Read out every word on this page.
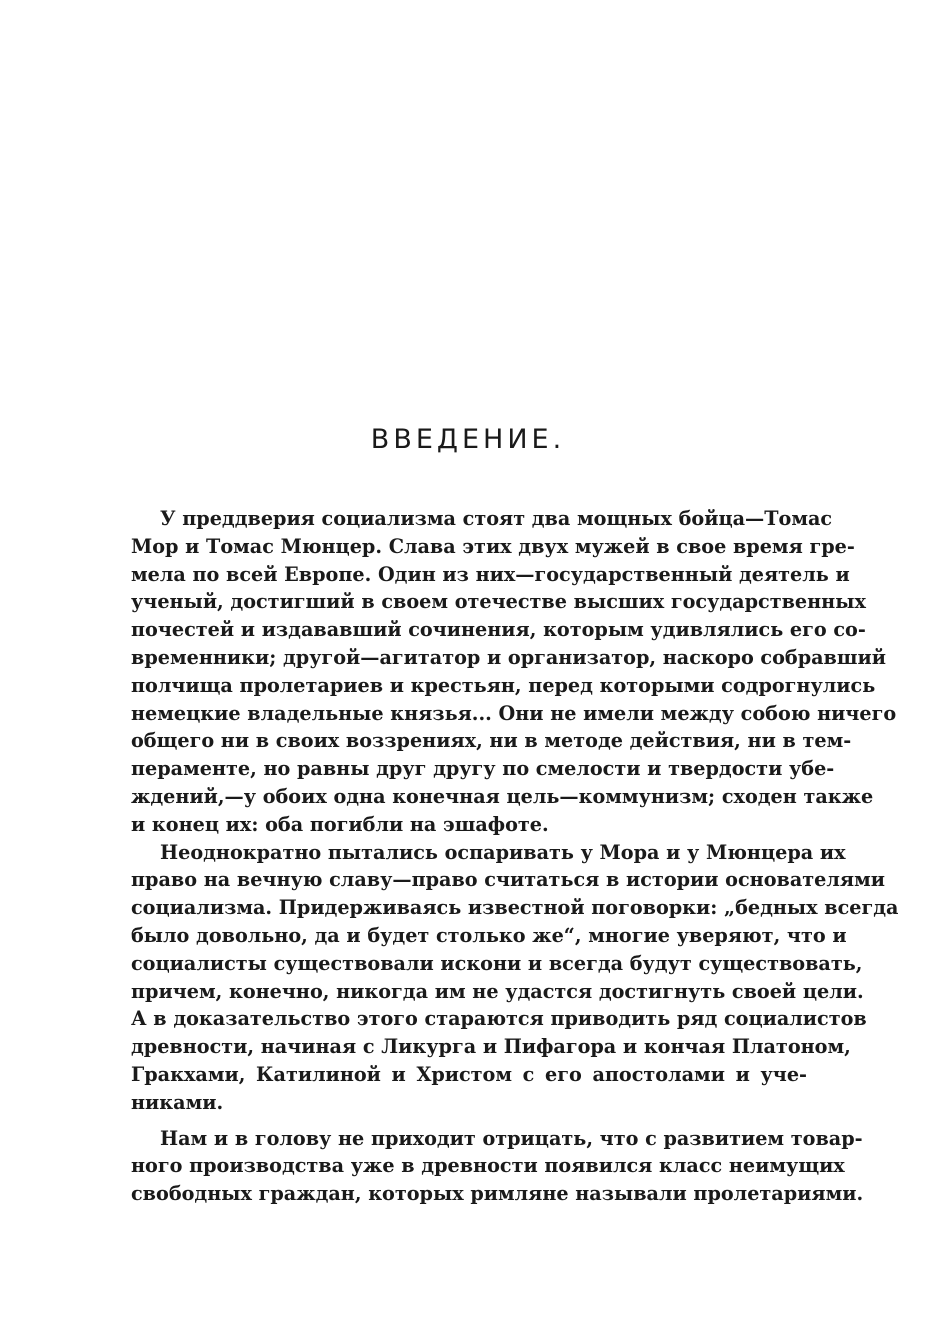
ВВЕДЕНИЕ.
У преддверия социализма стоят два мощных бойца—Томас
Мор и Томас Мюнцер. Слава этих двух мужей в свое время гре-
мела по всей Европе. Один из них—государственный деятель и
ученый, достигший в своем отечестве высших государственных
почестей и издававший сочинения, которым удивлялись его со-
временники; другой—агитатор и организатор, наскоро собравший
полчища пролетариев и крестьян, перед которыми содрогнулись
немецкие владельные князья... Они не имели между собою ничего
общего ни в своих воззрениях, ни в методе действия, ни в тем-
пераменте, но равны друг другу по смелости и твердости убе-
ждений,—у обоих одна конечная цель—коммунизм; сходен также
и конец их: оба погибли на эшафоте.
Неоднократно пытались оспаривать у Мора и у Мюнцера их
право на вечную славу—право считаться в истории основателями
социализма. Придерживаясь известной поговорки: „бедных всегда
было довольно, да и будет столько же“, многие уверяют, что и
социалисты существовали искони и всегда будут существовать,
причем, конечно, никогда им не удастся достигнуть своей цели.
А в доказательство этого стараются приводить ряд социалистов
древности, начиная с Ликурга и Пифагора и кончая Платоном,
Гракхами, Катилиной и Христом с его апостолами и уче-
никами.
Нам и в голову не приходит отрицать, что с развитием товар-
ного производства уже в древности появился класс неимущих
свободных граждан, которых римляне называли пролетариями.
